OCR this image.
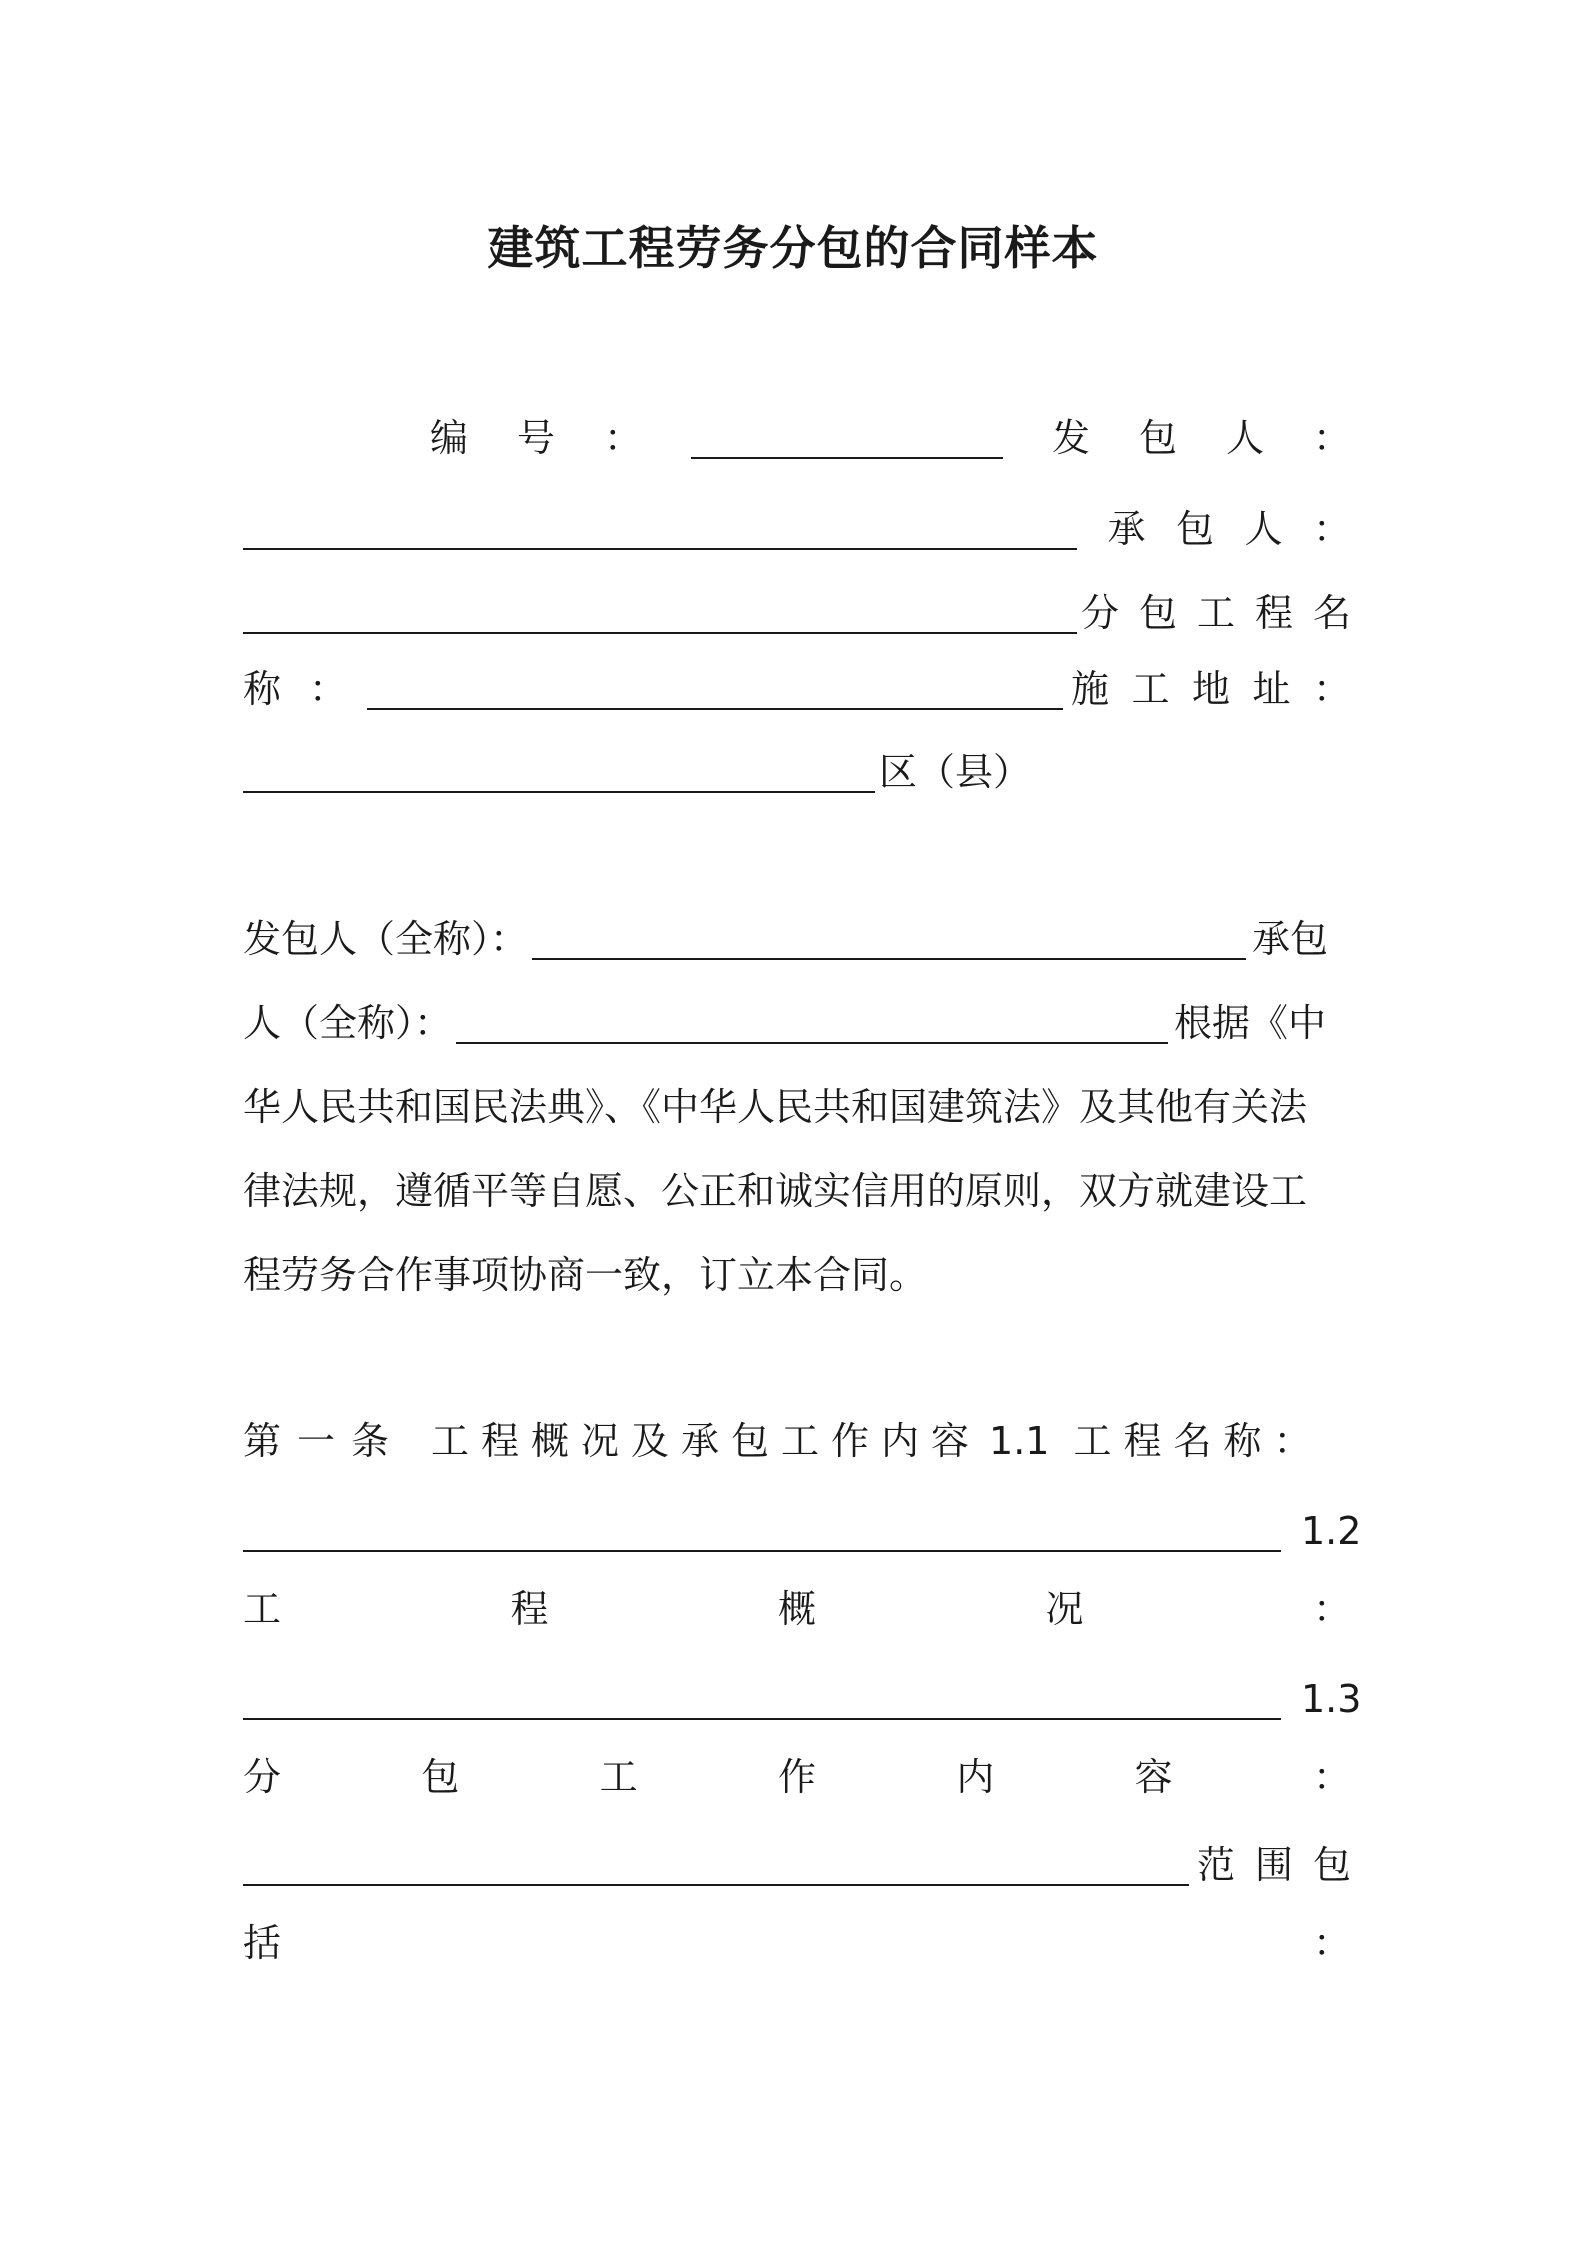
建筑工程劳务分包的合同样本
编 号 ：	发 包 人 ：
承 包 人 ：
分包工程名
称 ：	施 工 地 址 ：
区（县）
发包人（全称）：	承包
人（全称）：	根据《中
华人民共和国民法典》、《中华人民共和国建筑法》及其他有关法
律法规，遵循平等自愿、公正和诚实信用的原则，双方就建设工
程劳务合作事项协商一致，订立本合同。
第一条 工程概况及承包工作内容 1.1 工程名称：
1.2
工	程	概	况	：
1.3
分	包	工	作	内	容	：
范围包
括	：
